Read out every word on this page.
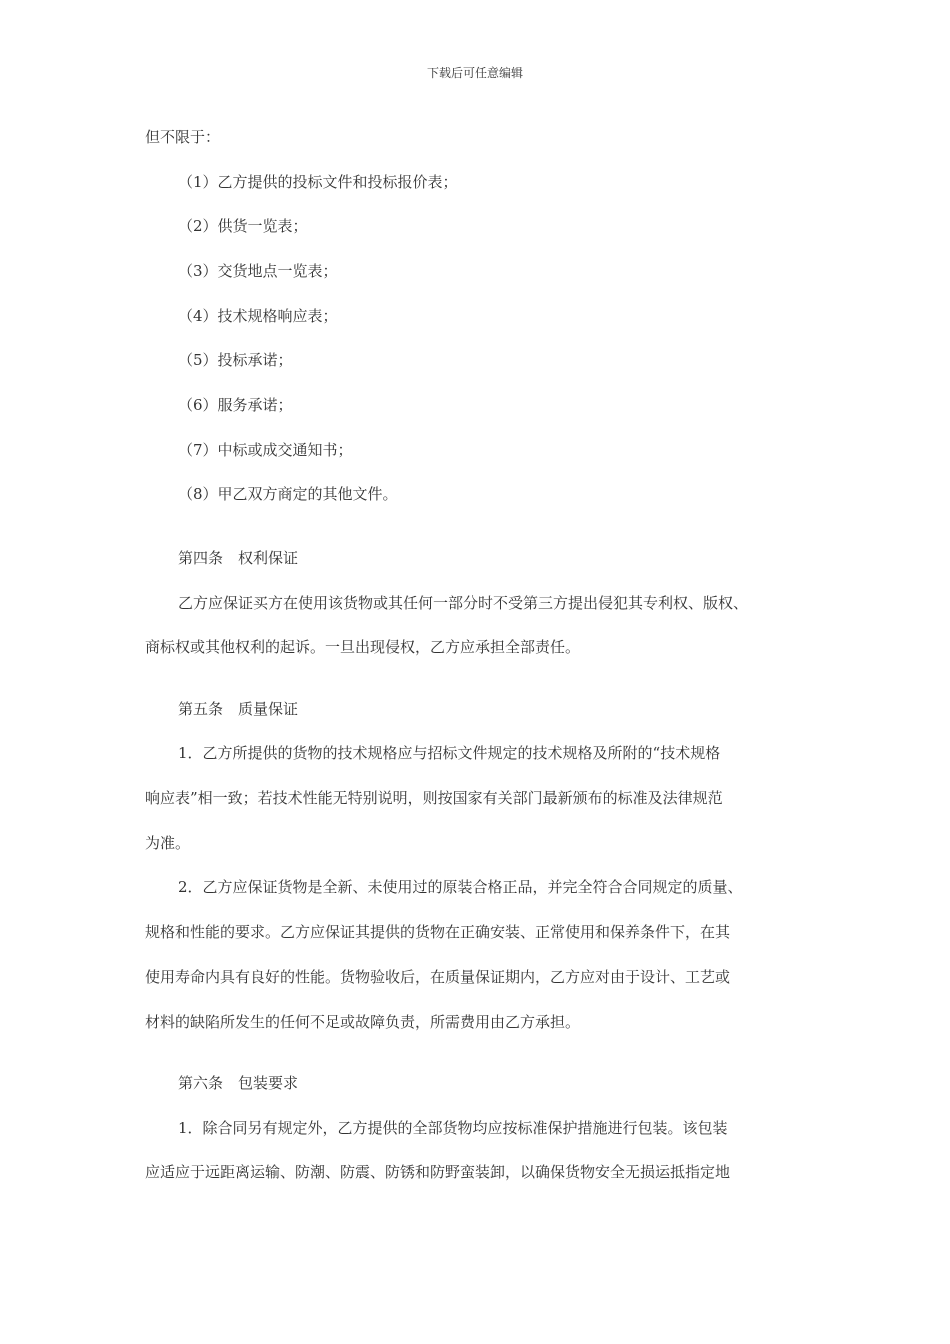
下载后可任意编辑
但不限于：
（1）乙方提供的投标文件和投标报价表；
（2）供货一览表；
（3）交货地点一览表；
（4）技术规格响应表；
（5）投标承诺；
（6）服务承诺；
（7）中标或成交通知书；
（8）甲乙双方商定的其他文件。
第四条　权利保证
乙方应保证买方在使用该货物或其任何一部分时不受第三方提出侵犯其专利权、版权、
商标权或其他权利的起诉。一旦出现侵权，乙方应承担全部责任。
第五条　质量保证
1．乙方所提供的货物的技术规格应与招标文件规定的技术规格及所附的“技术规格
响应表”相一致；若技术性能无特别说明，则按国家有关部门最新颁布的标准及法律规范
为准。
2．乙方应保证货物是全新、未使用过的原装合格正品，并完全符合合同规定的质量、
规格和性能的要求。乙方应保证其提供的货物在正确安装、正常使用和保养条件下，在其
使用寿命内具有良好的性能。货物验收后，在质量保证期内，乙方应对由于设计、工艺或
材料的缺陷所发生的任何不足或故障负责，所需费用由乙方承担。
第六条　包装要求
1．除合同另有规定外，乙方提供的全部货物均应按标准保护措施进行包装。该包装
应适应于远距离运输、防潮、防震、防锈和防野蛮装卸，以确保货物安全无损运抵指定地
